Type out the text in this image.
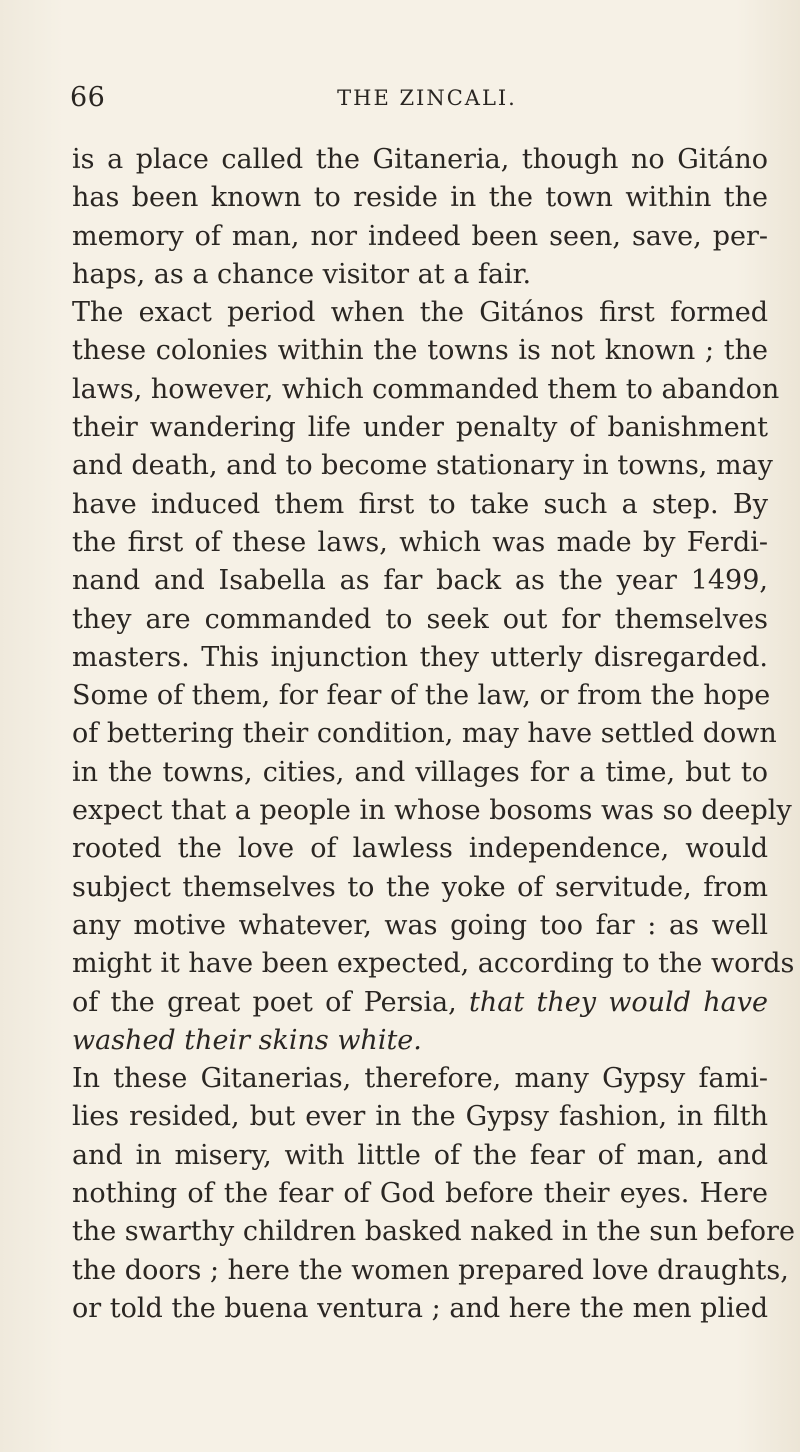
66	THE ZINCALI.
is a place called the Gitaneria, though no Gitáno
has been known to reside in the town within the
memory of man, nor indeed been seen, save, per-
haps, as a chance visitor at a fair.
The exact period when the Gitános first formed
these colonies within the towns is not known ; the
laws, however, which commanded them to abandon
their wandering life under penalty of banishment
and death, and to become stationary in towns, may
have induced them first to take such a step. By
the first of these laws, which was made by Ferdi-
nand and Isabella as far back as the year 1499,
they are commanded to seek out for themselves
masters. This injunction they utterly disregarded.
Some of them, for fear of the law, or from the hope
of bettering their condition, may have settled down
in the towns, cities, and villages for a time, but to
expect that a people in whose bosoms was so deeply
rooted the love of lawless independence, would
subject themselves to the yoke of servitude, from
any motive whatever, was going too far : as well
might it have been expected, according to the words
of the great poet of Persia, that they would have
washed their skins white.
In these Gitanerias, therefore, many Gypsy fami-
lies resided, but ever in the Gypsy fashion, in filth
and in misery, with little of the fear of man, and
nothing of the fear of God before their eyes. Here
the swarthy children basked naked in the sun before
the doors ; here the women prepared love draughts,
or told the buena ventura ; and here the men plied
